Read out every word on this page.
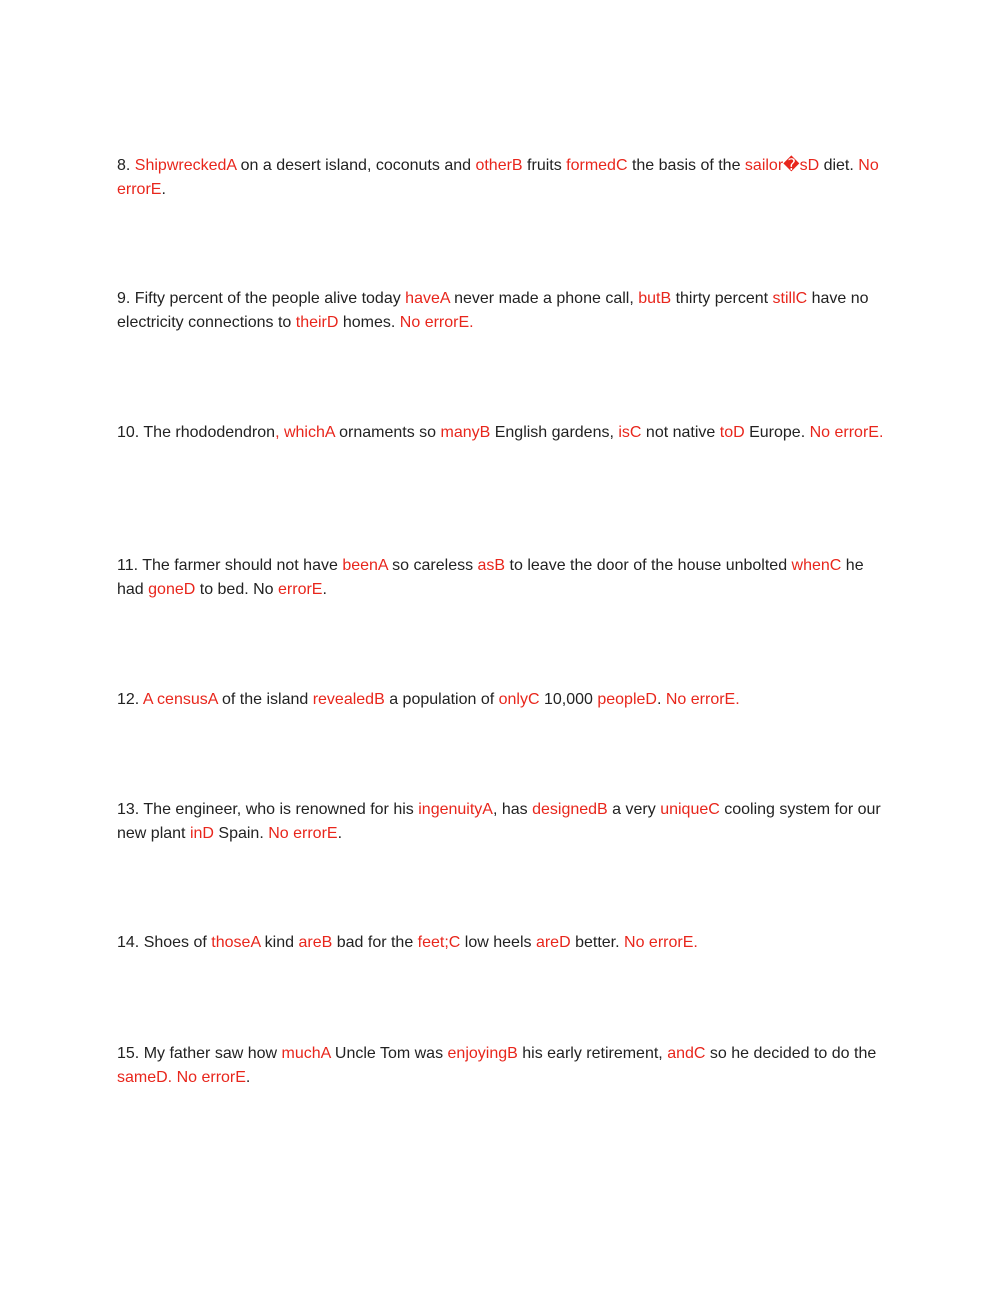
8. ShipwreckedA on a desert island, coconuts and otherB fruits formedC the basis of the sailor�sD diet. No errorE.

9. Fifty percent of the people alive today haveA never made a phone call, butB thirty percent stillC have no electricity connections to theirD homes. No errorE.

10. The rhododendron, whichA ornaments so manyB English gardens, isC not native toD Europe. No errorE.

11. The farmer should not have beenA so careless asB to leave the door of the house unbolted whenC he had goneD to bed. No errorE.

12. A censusA of the island revealedB a population of onlyC 10,000 peopleD. No errorE.

13. The engineer, who is renowned for his ingenuityA, has designedB a very uniqueC cooling system for our new plant inD Spain. No errorE.

14. Shoes of thoseA kind areB bad for the feet;C low heels areD better. No errorE.

15. My father saw how muchA Uncle Tom was enjoyingB his early retirement, andC so he decided to do the sameD. No errorE.
